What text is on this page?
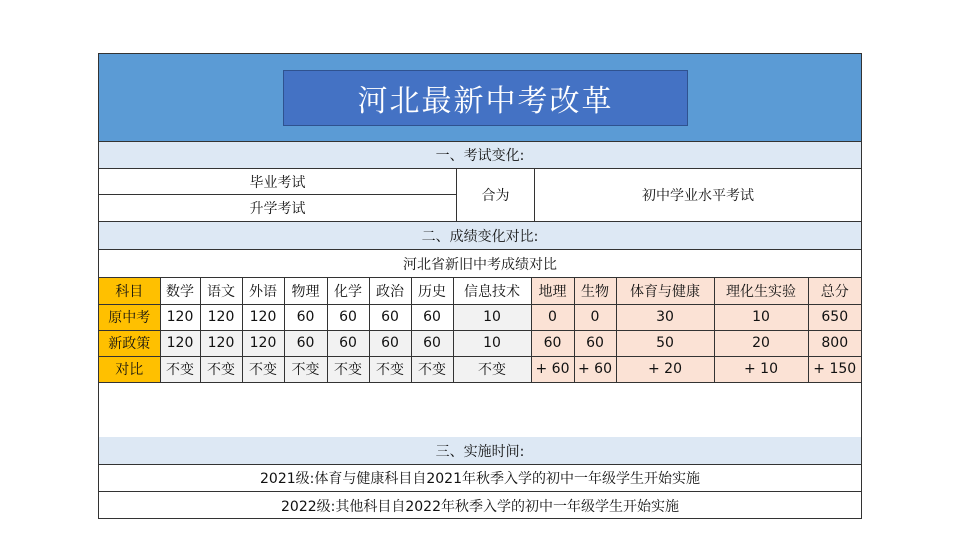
河北最新中考改革
一、考试变化:
毕业考试
升学考试
合为	初中学业水平考试
二、成绩变化对比:
河北省新旧中考成绩对比
科目	数学	语文	外语	物理	化学	政治	历史	信息技术	地理	生物	体育与健康	理化生实验	总分
原中考	120	120	120	60	60	60	60	10	0	0	30	10	650
新政策	120	120	120	60	60	60	60	10	60	60	50	20	800
对比	不变	不变	不变	不变	不变	不变	不变	不变	+ 60	+ 60	+ 20	+ 10	+ 150
三、实施时间:
2021级:体育与健康科目自2021年秋季入学的初中一年级学生开始实施
2022级:其他科目自2022年秋季入学的初中一年级学生开始实施
